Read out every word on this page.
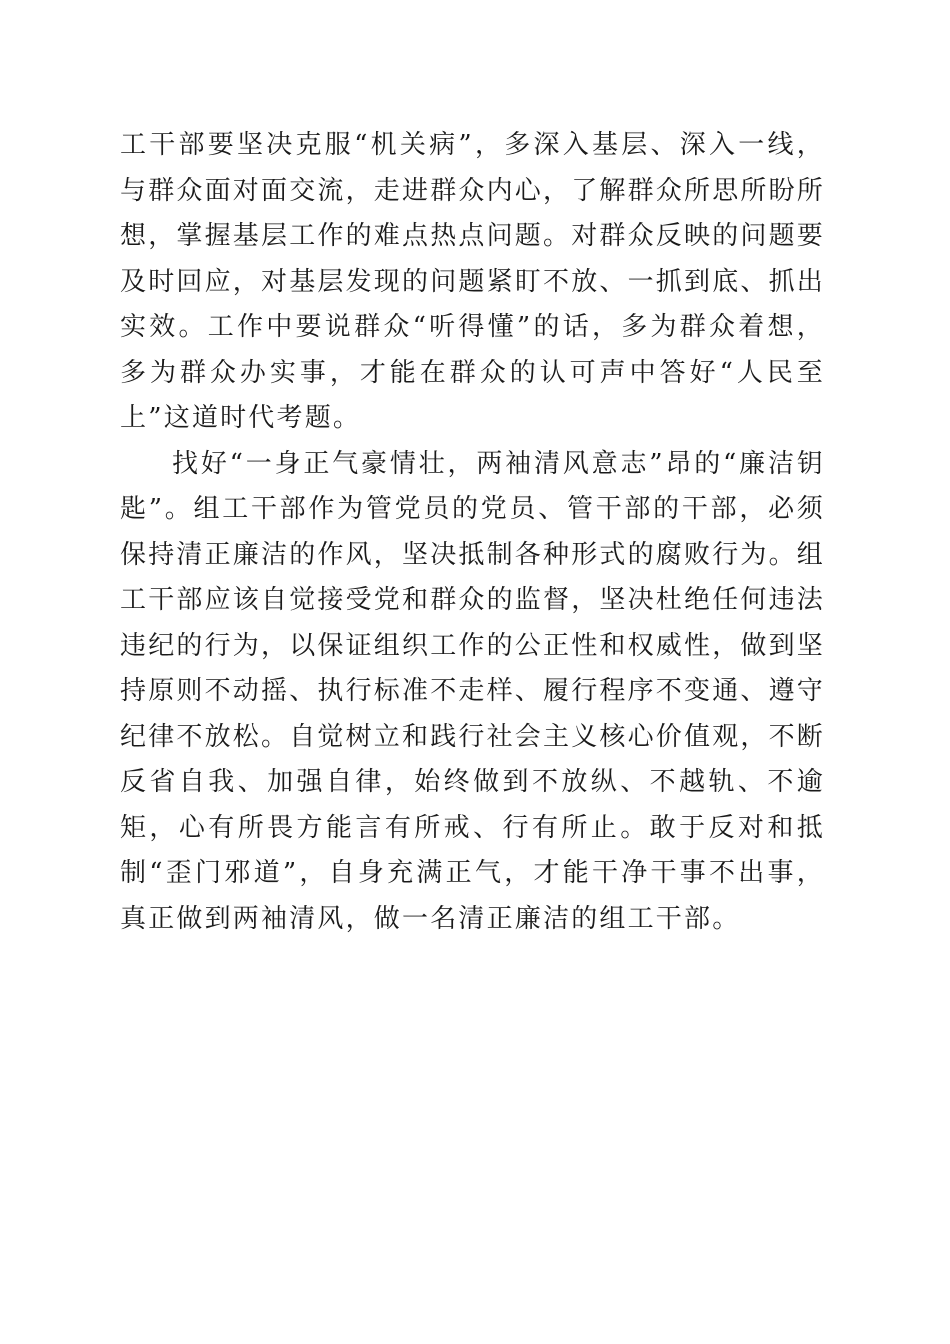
工干部要坚决克服“机关病”，多深入基层、深入一线，与群众面对面交流，走进群众内心，了解群众所思所盼所想，掌握基层工作的难点热点问题。对群众反映的问题要及时回应，对基层发现的问题紧盯不放、一抓到底、抓出实效。工作中要说群众“听得懂”的话，多为群众着想，多为群众办实事，才能在群众的认可声中答好“人民至上”这道时代考题。

找好“一身正气豪情壮，两袖清风意志”昂的“廉洁钥匙”。组工干部作为管党员的党员、管干部的干部，必须保持清正廉洁的作风，坚决抵制各种形式的腐败行为。组工干部应该自觉接受党和群众的监督，坚决杜绝任何违法违纪的行为，以保证组织工作的公正性和权威性，做到坚持原则不动摇、执行标准不走样、履行程序不变通、遵守纪律不放松。自觉树立和践行社会主义核心价值观，不断反省自我、加强自律，始终做到不放纵、不越轨、不逾矩，心有所畏方能言有所戒、行有所止。敢于反对和抵制“歪门邪道”，自身充满正气，才能干净干事不出事，真正做到两袖清风，做一名清正廉洁的组工干部。
